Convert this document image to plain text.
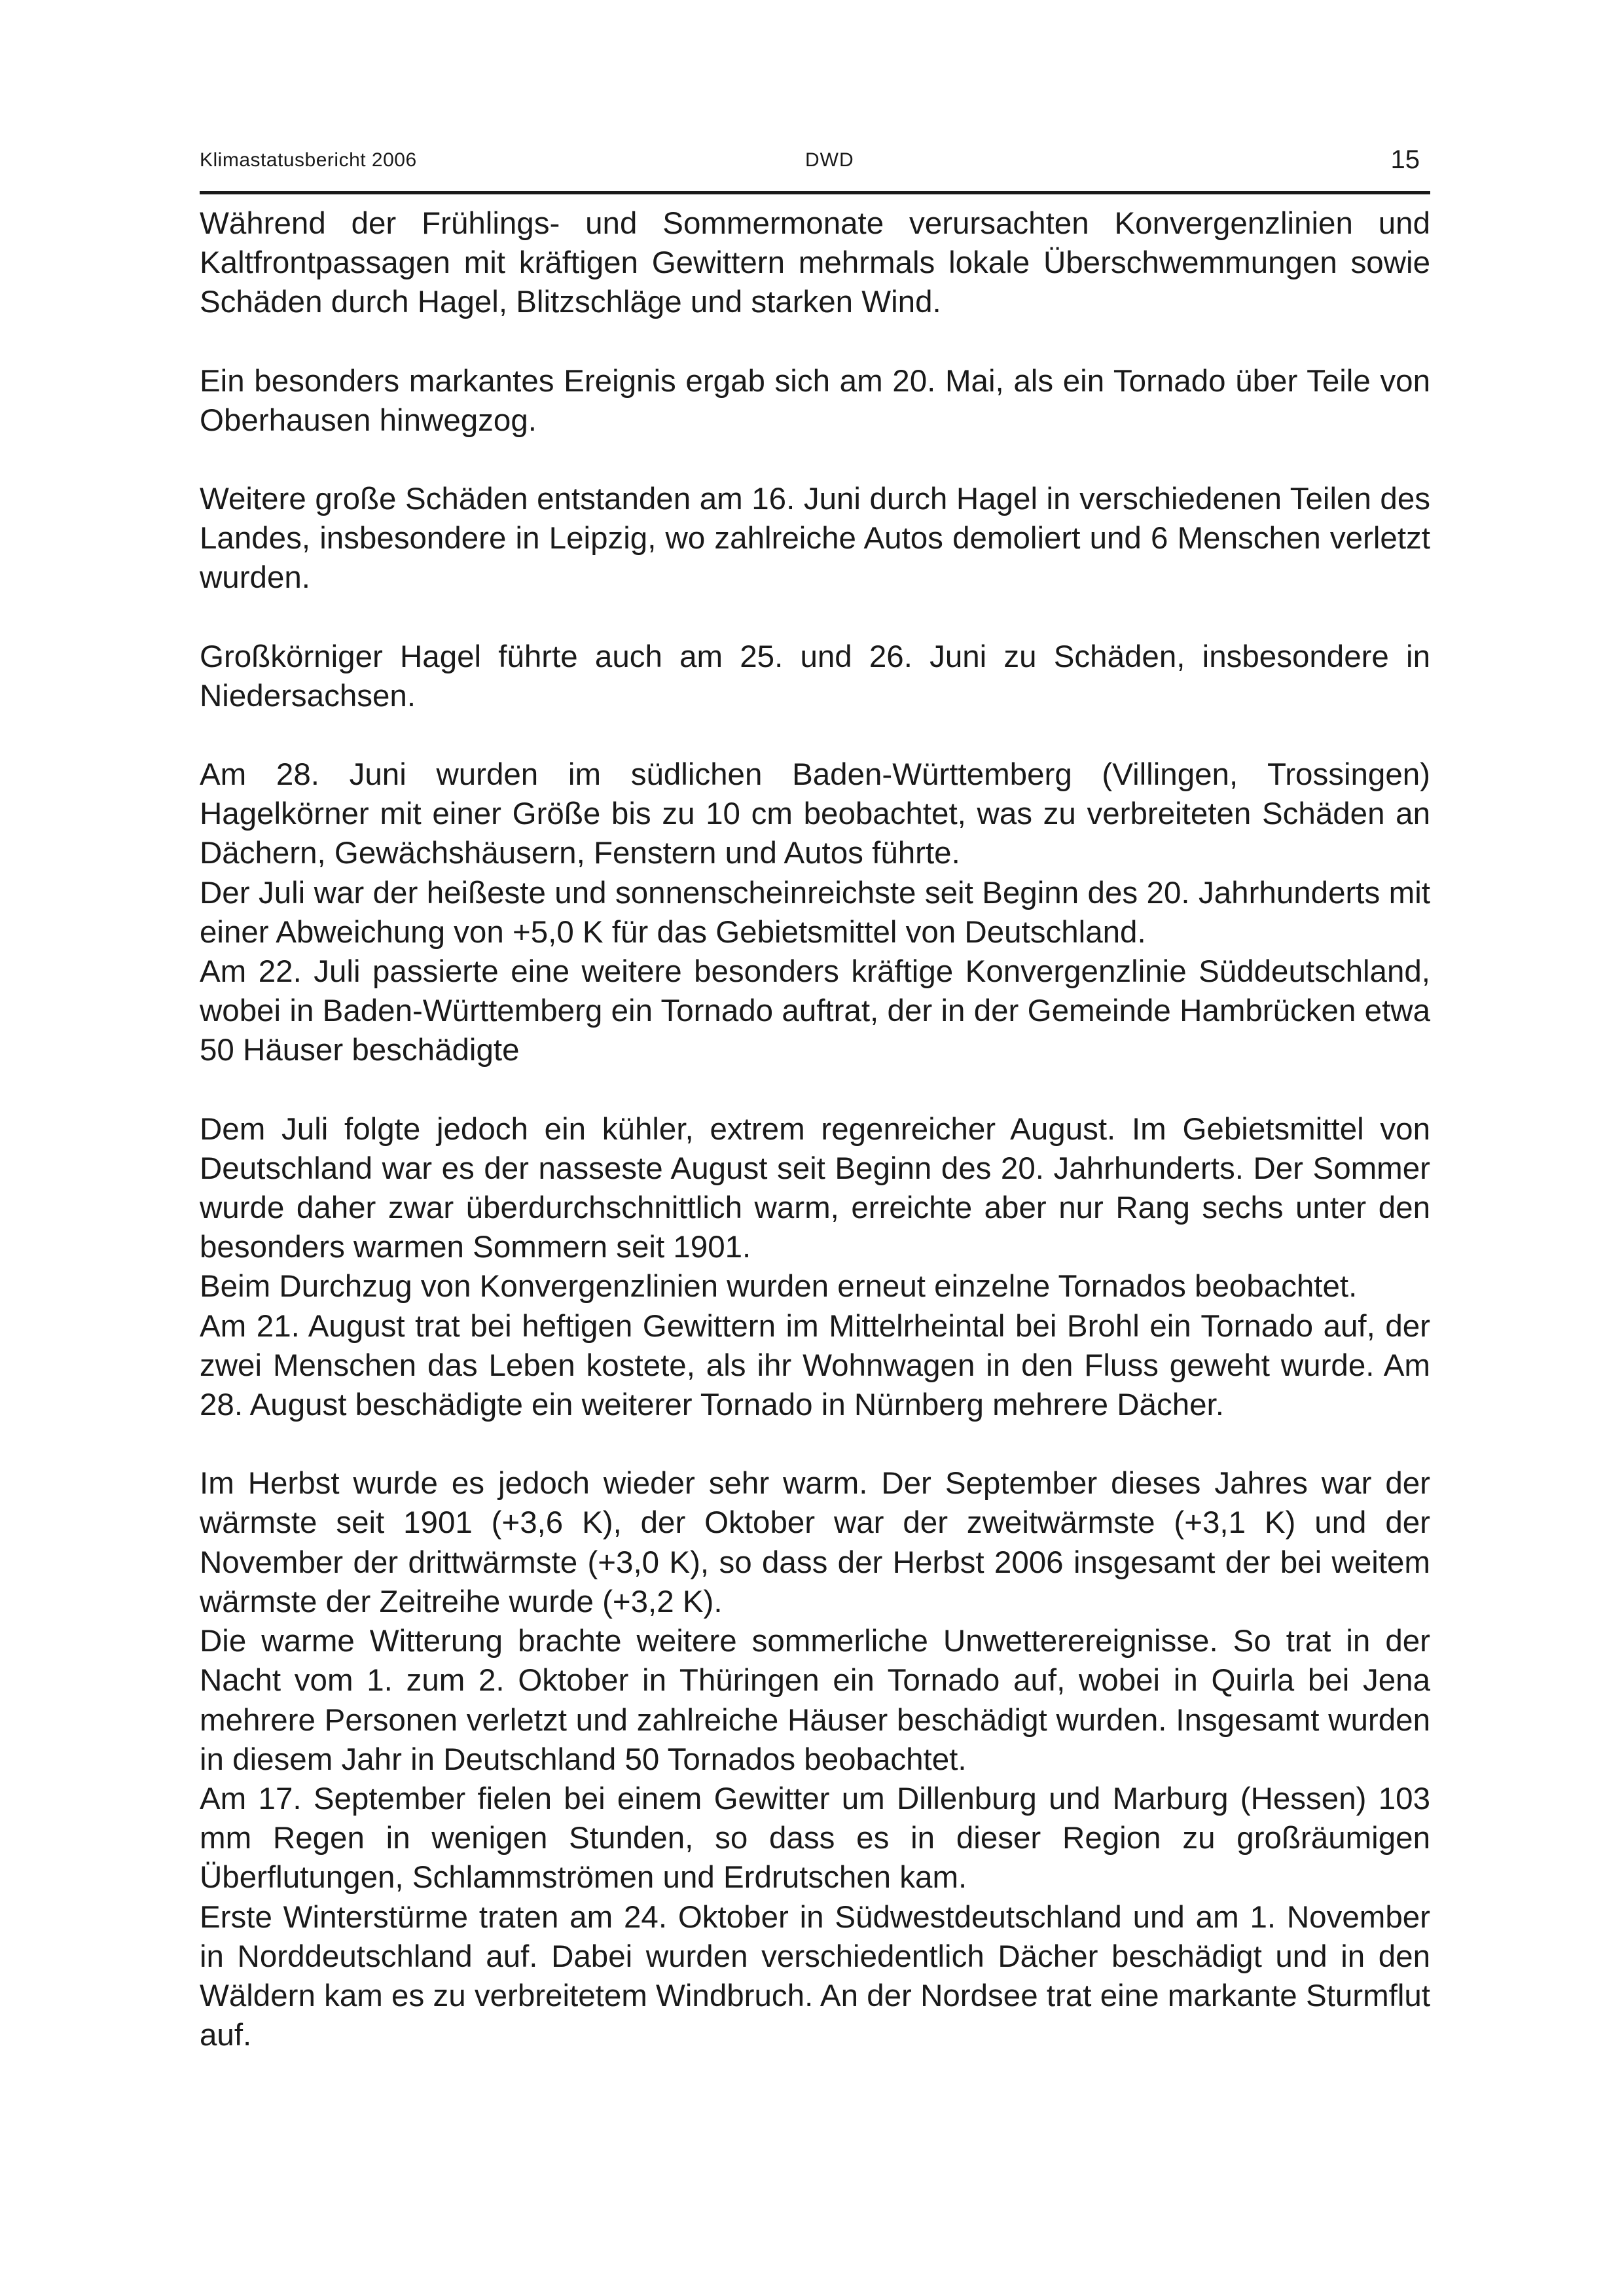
Klimastatusbericht 2006	DWD	15

Während der Frühlings- und Sommermonate verursachten Konvergenzlinien und Kaltfrontpassagen mit kräftigen Gewittern mehrmals lokale Überschwemmungen sowie Schäden durch Hagel, Blitzschläge und starken Wind.

Ein besonders markantes Ereignis ergab sich am 20. Mai, als ein Tornado über Teile von Oberhausen hinwegzog.

Weitere große Schäden entstanden am 16. Juni durch Hagel in verschiedenen Teilen des Landes, insbesondere in Leipzig, wo zahlreiche Autos demoliert und 6 Menschen verletzt wurden.

Großkörniger Hagel führte auch am 25. und 26. Juni zu Schäden, insbesondere in Niedersachsen.

Am 28. Juni wurden im südlichen Baden-Württemberg (Villingen, Trossingen) Hagelkörner mit einer Größe bis zu 10 cm beobachtet, was zu verbreiteten Schäden an Dächern, Gewächshäusern, Fenstern und Autos führte.

Der Juli war der heißeste und sonnenscheinreichste seit Beginn des 20. Jahrhunderts mit einer Abweichung von +5,0 K für das Gebietsmittel von Deutschland.

Am 22. Juli passierte eine weitere besonders kräftige Konvergenzlinie Süddeutschland, wobei in Baden-Württemberg ein Tornado auftrat, der in der Gemeinde Hambrücken etwa 50 Häuser beschädigte

Dem Juli folgte jedoch ein kühler, extrem regenreicher August. Im Gebietsmittel von Deutschland war es der nasseste August seit Beginn des 20. Jahrhunderts. Der Sommer wurde daher zwar überdurchschnittlich warm, erreichte aber nur Rang sechs unter den besonders warmen Sommern seit 1901.

Beim Durchzug von Konvergenzlinien wurden erneut einzelne Tornados beobachtet.

Am 21. August trat bei heftigen Gewittern im Mittelrheintal bei Brohl ein Tornado auf, der zwei Menschen das Leben kostete, als ihr Wohnwagen in den Fluss geweht wurde. Am 28. August beschädigte ein weiterer Tornado in Nürnberg mehrere Dächer.

Im Herbst wurde es jedoch wieder sehr warm. Der September dieses Jahres war der wärmste seit 1901 (+3,6 K), der Oktober war der zweitwärmste (+3,1 K) und der November der drittwärmste (+3,0 K), so dass der Herbst 2006 insgesamt der bei weitem wärmste der Zeitreihe wurde (+3,2 K).

Die warme Witterung brachte weitere sommerliche Unwetterereignisse. So trat in der Nacht vom 1. zum 2. Oktober in Thüringen ein Tornado auf, wobei in Quirla bei Jena mehrere Personen verletzt und zahlreiche Häuser beschädigt wurden. Insgesamt wurden in diesem Jahr in Deutschland 50 Tornados beobachtet.

Am 17. September fielen bei einem Gewitter um Dillenburg und Marburg (Hessen) 103 mm Regen in wenigen Stunden, so dass es in dieser Region zu großräumigen Überflutungen, Schlammströmen und Erdrutschen kam.

Erste Winterstürme traten am 24. Oktober in Südwestdeutschland und am 1. November in Norddeutschland auf. Dabei wurden verschiedentlich Dächer beschädigt und in den Wäldern kam es zu verbreitetem Windbruch. An der Nordsee trat eine markante Sturmflut auf.
